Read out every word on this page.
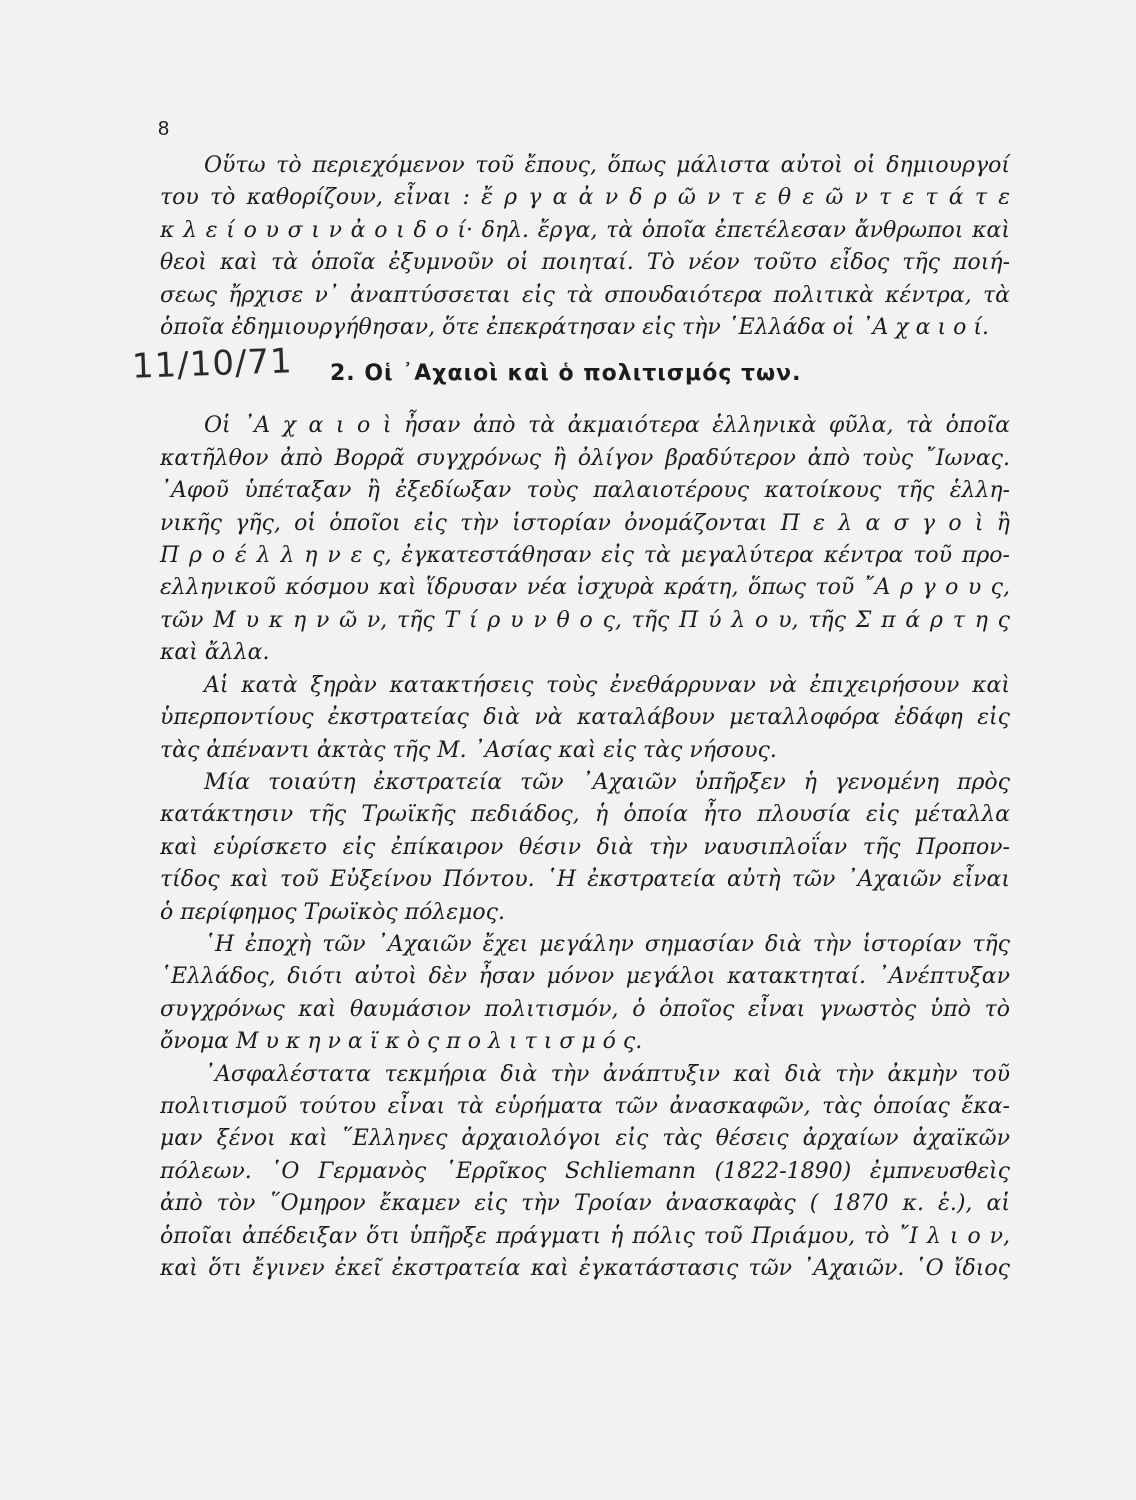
8
Οὕτω τὸ περιεχόμενον τοῦ ἔπους, ὅπως μάλιστα αὐτοὶ οἱ δημιουργοί
του τὸ καθορίζουν, εἶναι : ἔ ρ γ α ἀ ν δ ρ ῶ ν τ ε θ ε ῶ ν τ ε τ ά τ ε
κ λ ε ί ο υ σ ι ν ἀ ο ι δ ο ί· δηλ. ἔργα, τὰ ὁποῖα ἐπετέλεσαν ἄνθρωποι καὶ
θεοὶ καὶ τὰ ὁποῖα ἐξυμνοῦν οἱ ποιηταί. Τὸ νέον τοῦτο εἶδος τῆς ποιή-
σεως ἤρχισε ν᾿ ἀναπτύσσεται εἰς τὰ σπουδαιότερα πολιτικὰ κέντρα, τὰ
ὁποῖα ἐδημιουργήθησαν, ὅτε ἐπεκράτησαν εἰς τὴν ῾Ελλάδα οἱ ᾿Α χ α ι ο ί.
11/10/71 2. Οἱ ᾿Αχαιοὶ καὶ ὁ πολιτισμός των.
Οἱ ᾿Α χ α ι ο ὶ ἦσαν ἀπὸ τὰ ἀκμαιότερα ἑλληνικὰ φῦλα, τὰ ὁποῖα
κατῆλθον ἀπὸ Βορρᾶ συγχρόνως ἢ ὀλίγον βραδύτερον ἀπὸ τοὺς ῎Ιωνας.
᾿Αφοῦ ὑπέταξαν ἢ ἐξεδίωξαν τοὺς παλαιοτέρους κατοίκους τῆς ἑλλη-
νικῆς γῆς, οἱ ὁποῖοι εἰς τὴν ἱστορίαν ὀνομάζονται Π ε λ α σ γ ο ὶ ἢ
Π ρ ο έ λ λ η ν ε ς, ἐγκατεστάθησαν εἰς τὰ μεγαλύτερα κέντρα τοῦ προ-
ελληνικοῦ κόσμου καὶ ἵδρυσαν νέα ἰσχυρὰ κράτη, ὅπως τοῦ ῎Α ρ γ ο υ ς,
τῶν Μ υ κ η ν ῶ ν, τῆς Τ ί ρ υ ν θ ο ς, τῆς Π ύ λ ο υ, τῆς Σ π ά ρ τ η ς
καὶ ἄλλα.
Αἱ κατὰ ξηρὰν κατακτήσεις τοὺς ἐνεθάρρυναν νὰ ἐπιχειρήσουν καὶ
ὑπερποντίους ἐκστρατείας διὰ νὰ καταλάβουν μεταλλοφόρα ἐδάφη εἰς
τὰς ἀπέναντι ἀκτὰς τῆς Μ. ᾿Ασίας καὶ εἰς τὰς νήσους.
Μία τοιαύτη ἐκστρατεία τῶν ᾿Αχαιῶν ὑπῆρξεν ἡ γενομένη πρὸς
κατάκτησιν τῆς Τρωϊκῆς πεδιάδος, ἡ ὁποία ἦτο πλουσία εἰς μέταλλα
καὶ εὑρίσκετο εἰς ἐπίκαιρον θέσιν διὰ τὴν ναυσιπλοΐαν τῆς Προπον-
τίδος καὶ τοῦ Εὐξείνου Πόντου. ῾Η ἐκστρατεία αὐτὴ τῶν ᾿Αχαιῶν εἶναι
ὁ περίφημος Τρωϊκὸς πόλεμος.
῾Η ἐποχὴ τῶν ᾿Αχαιῶν ἔχει μεγάλην σημασίαν διὰ τὴν ἱστορίαν τῆς
῾Ελλάδος, διότι αὐτοὶ δὲν ἦσαν μόνον μεγάλοι κατακτηταί. ᾿Ανέπτυξαν
συγχρόνως καὶ θαυμάσιον πολιτισμόν, ὁ ὁποῖος εἶναι γνωστὸς ὑπὸ τὸ
ὄνομα Μ υ κ η ν α ϊ κ ὸ ς π ο λ ι τ ι σ μ ό ς.
᾿Ασφαλέστατα τεκμήρια διὰ τὴν ἀνάπτυξιν καὶ διὰ τὴν ἀκμὴν τοῦ
πολιτισμοῦ τούτου εἶναι τὰ εὑρήματα τῶν ἀνασκαφῶν, τὰς ὁποίας ἔκα-
μαν ξένοι καὶ ῞Ελληνες ἀρχαιολόγοι εἰς τὰς θέσεις ἀρχαίων ἀχαϊκῶν
πόλεων. ῾Ο Γερμανὸς ῾Ερρῖκος Schliemann (1822-1890) ἐμπνευσθεὶς
ἀπὸ τὸν ῞Ομηρον ἔκαμεν εἰς τὴν Τροίαν ἀνασκαφὰς ( 1870 κ. ἑ.), αἱ
ὁποῖαι ἀπέδειξαν ὅτι ὑπῆρξε πράγματι ἡ πόλις τοῦ Πριάμου, τὸ ῎Ι λ ι ο ν,
καὶ ὅτι ἔγινεν ἐκεῖ ἐκστρατεία καὶ ἐγκατάστασις τῶν ᾿Αχαιῶν. ῾Ο ἴδιος
